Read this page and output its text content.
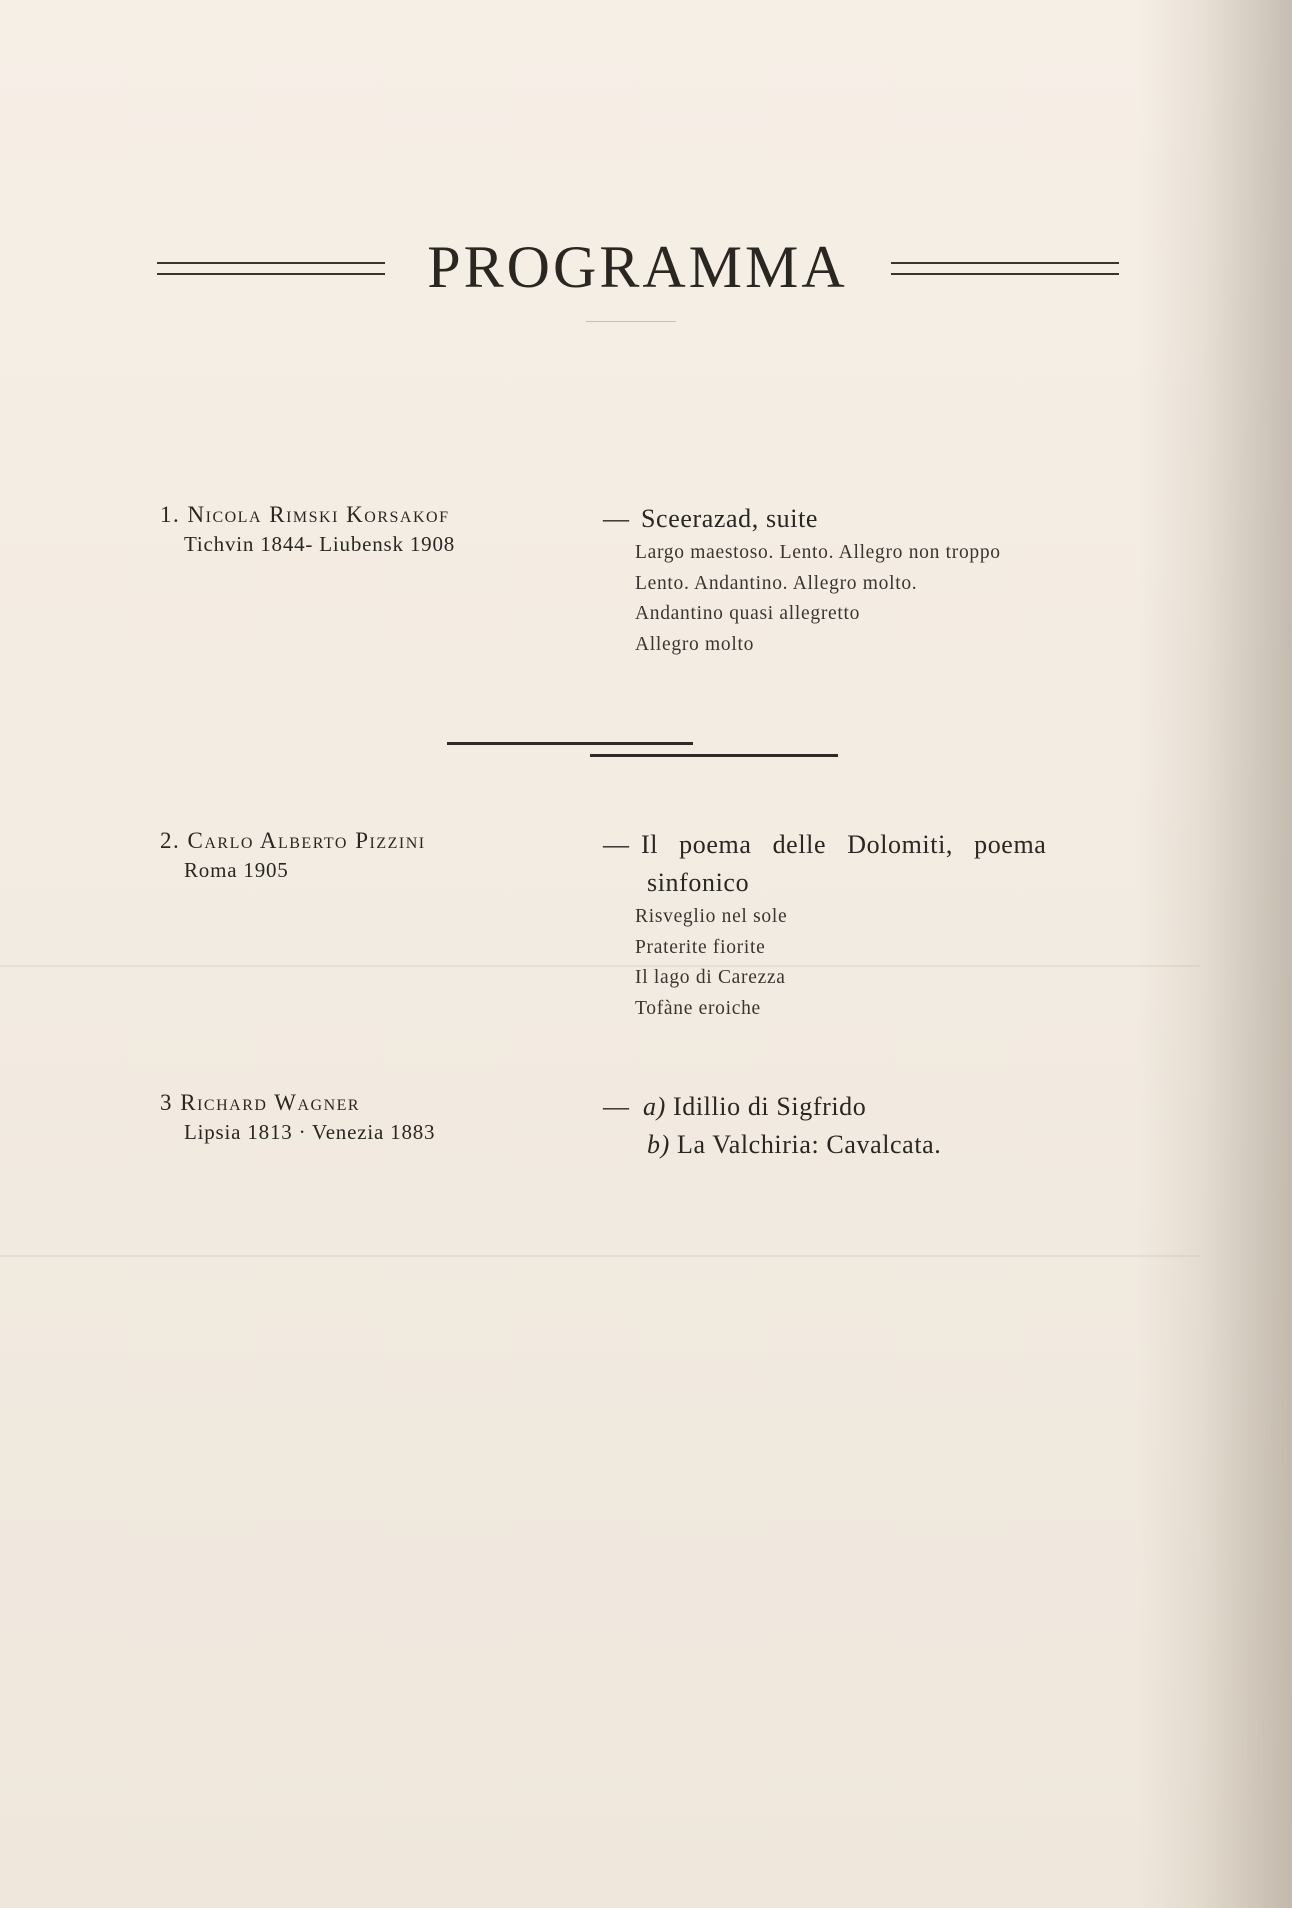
PROGRAMMA
1. Nicola Rimski Korsakof
Tichvin 1844- Liubensk 1908
— Sceerazad, suite
Largo maestoso. Lento. Allegro non troppo
Lento. Andantino. Allegro molto.
Andantino quasi allegretto
Allegro molto
2. Carlo Alberto Pizzini
Roma 1905
— Il poema delle Dolomiti, poema
sinfonico
Risveglio nel sole
Praterite fiorite
Il lago di Carezza
Tofàne eroiche
3 Richard Wagner
Lipsia 1813 · Venezia 1883
— a) Idillio di Sigfrido
b) La Valchiria: Cavalcata.
